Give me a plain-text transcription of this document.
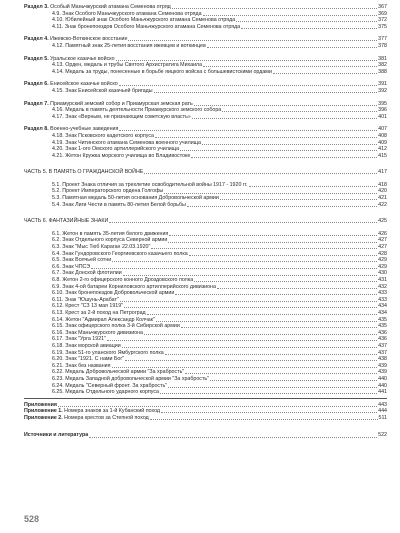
Раздел 3. Особый Маньчжурский атамана Семенова отряд	367
4.9. Знак Особого Маньчжурского атамана Семенова отряда	369
4.10. Юбилейный знак Особого Маньчжурского атамана Семенова отряда	372
4.11. Знак бронепоездов Особого Маньчжурского атамана Семенова отряда	375
Раздел 4. Ижевско-Воткинское восстание	377
4.12. Памятный знак 25-летия восстания ижевцев и воткинцев	378
Раздел 5. Уральское казачье войско	381
4.13. Орден, медаль и трубы Святого Архистратига Михаила	382
4.14. Медаль за труды, понесенные в борьбе яицкого войска с большевистскими ордами	388
Раздел 6. Енисейское казачье войско	391
4.15. Знак Енисейской казачьей бригады	392
Раздел 7. Приамурский земский собор и Приамурская земская рать	395
4.16. Медаль в память деятельности Приамурского земского собора	396
4.17. Знак «Верным, не признающим советскую власть»	401
Раздел 8. Военно-учебные заведения	407
4.18. Знак Псковского кадетского корпуса	408
4.19. Знак Читинского атамана Семенова военного училища	409
4.20. Знак 1-ого Омского артиллерийского училища	412
4.21. Жетон Кружка морского училища во Владивостоке	415
ЧАСТЬ 5. В ПАМЯТЬ О ГРАЖДАНСКОЙ ВОЙНЕ	417
5.1. Проект Знака отличия за трехлетие освободительной войны 1917 - 1920 гг.	418
5.2. Проект Императорского ордена Голгофы	420
5.3. Памятная медаль 50-летия основания Добровольческой армии	421
5.4. Знак Лиги Чести в память 80-летия Белой борьбы	422
ЧАСТЬ 6. ФАНТАЗИЙНЫЕ ЗНАКИ	425
6.1. Жетон в память 35-летия белого движения	426
6.2. Знак Отдельного корпуса Северной армии	427
6.3. Знак "Мыс Тюб Караган 22.03.1920"	427
6.4. Знак Гундоровского Георгиевского казачьего полка	428
6.5. Знак Волчьей сотни	429
6.6. Знак ЧПСЭ	429
6.7. Знак Донской флотилии	430
6.8. Жетон 2-го офицерского конного Дроздовского полка	431
6.9. Знак 4-ой батареи Корниловского артиллерийского дивизиона	432
6.10. Знак бронепоездов Добровольческой армии	433
6.11. Знак "Юшунь-Арабат"	433
6.12. Крест "СЗ 13 мая 1919"	434
6.13. Крест за 2-й поход на Петроград	434
6.14. Жетон "Адмирал Александр Колчак"	435
6.15. Знак офицерского полка 3-й Сибирской армии	435
6.16. Знак Маньчжурского дивизиона	436
6.17. Знак "Урга 1921"	436
6.18. Знак морской авиации	437
6.19. Знак 51-го уланского Ямбургского полка	437
6.20. Знак "1921. С нами Бог"	438
6.21. Знак без названия	439
6.22. Медаль Добровольческой армии "За храбрость"	439
6.23. Медаль Западной добровольческой армии "За храбрость"	440
6.24. Медаль "Северный фронт. За храбрость"	440
6.25. Медаль Отдельного ударного корпуса	441
Приложения	443
Приложение 1. Номера знаков за 1-й Кубанский поход	444
Приложение 2. Номера крестов за Степной поход	511
Источники и литература	522
528
